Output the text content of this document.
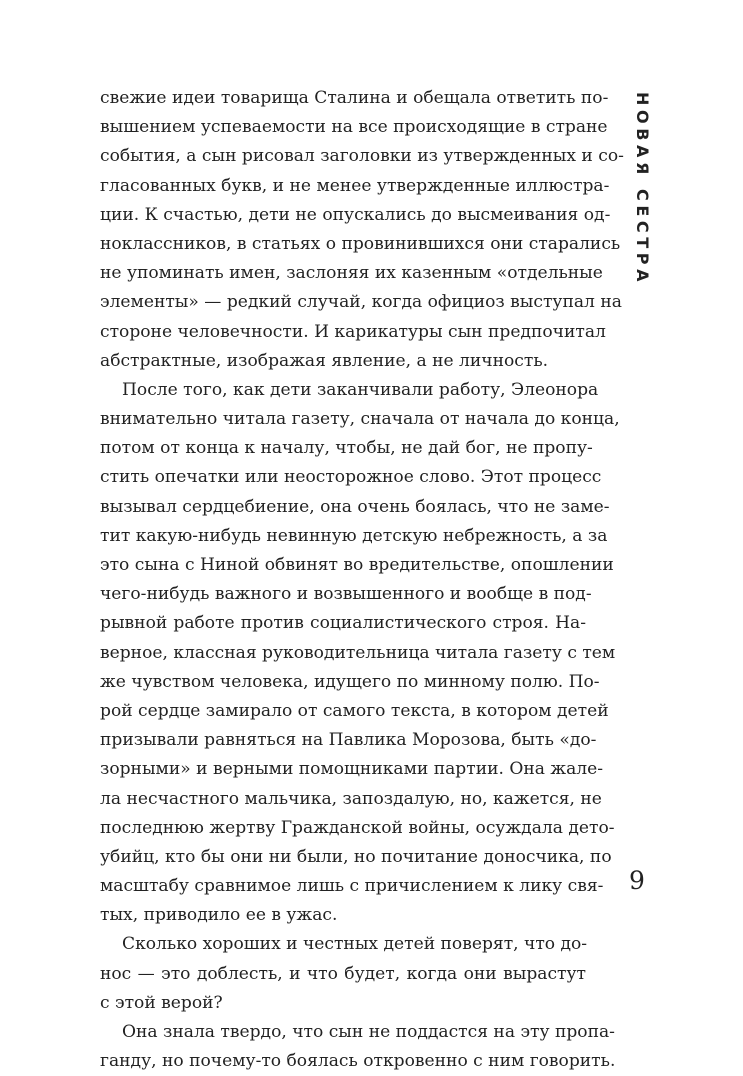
свежие идеи товарища Сталина и обещала ответить по-
вышением успеваемости на все происходящие в стране
события, а сын рисовал заголовки из утвержденных и со-
гласованных букв, и не менее утвержденные иллюстра-
ции. К счастью, дети не опускались до высмеивания од-
ноклассников, в статьях о провинившихся они старались
не упоминать имен, заслоняя их казенным «отдельные
элементы» — редкий случай, когда официоз выступал на
стороне человечности. И карикатуры сын предпочитал
абстрактные, изображая явление, а не личность.

После того, как дети заканчивали работу, Элеонора
внимательно читала газету, сначала от начала до конца,
потом от конца к началу, чтобы, не дай бог, не пропу-
стить опечатки или неосторожное слово. Этот процесс
вызывал сердцебиение, она очень боялась, что не заме-
тит какую-нибудь невинную детскую небрежность, а за
это сына с Ниной обвинят во вредительстве, опошлении
чего-нибудь важного и возвышенного и вообще в под-
рывной работе против социалистического строя. На-
верное, классная руководительница читала газету с тем
же чувством человека, идущего по минному полю. По-
рой сердце замирало от самого текста, в котором детей
призывали равняться на Павлика Морозова, быть «до-
зорными» и верными помощниками партии. Она жале-
ла несчастного мальчика, запоздалую, но, кажется, не
последнюю жертву Гражданской войны, осуждала дето-
убийц, кто бы они ни были, но почитание доносчика, по
масштабу сравнимое лишь с причислением к лику свя-
тых, приводило ее в ужас.

Сколько хороших и честных детей поверят, что до-
нос — это доблесть, и что будет, когда они вырастут
с этой верой?

Она знала твердо, что сын не поддастся на эту пропа-
ганду, но почему-то боялась откровенно с ним говорить.

НОВАЯ СЕСТРА
9
